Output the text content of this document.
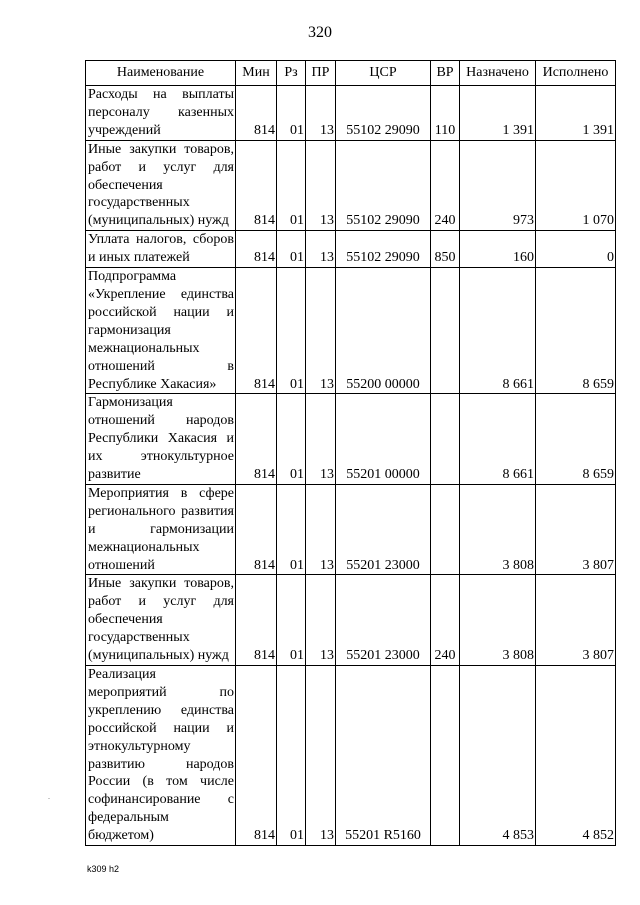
320
Наименование	Мин	Рз	ПР	ЦСР	ВР	Назначено	Исполнено
Расходы на выплаты персоналу казенных учреждений	814	01	13	55102 29090	110	1 391	1 391
Иные закупки товаров, работ и услуг для обеспечения государственных (муниципальных) нужд	814	01	13	55102 29090	240	973	1 070
Уплата налогов, сборов и иных платежей	814	01	13	55102 29090	850	160	0
Подпрограмма «Укрепление единства российской нации и гармонизация межнациональных отношений в Республике Хакасия»	814	01	13	55200 00000		8 661	8 659
Гармонизация отношений народов Республики Хакасия и их этнокультурное развитие	814	01	13	55201 00000		8 661	8 659
Мероприятия в сфере регионального развития и гармонизации межнациональных отношений	814	01	13	55201 23000		3 808	3 807
Иные закупки товаров, работ и услуг для обеспечения государственных (муниципальных) нужд	814	01	13	55201 23000	240	3 808	3 807
Реализация мероприятий по укреплению единства российской нации и этнокультурному развитию народов России (в том числе софинансирование с федеральным бюджетом)	814	01	13	55201 R5160		4 853	4 852
.
k309 h2
